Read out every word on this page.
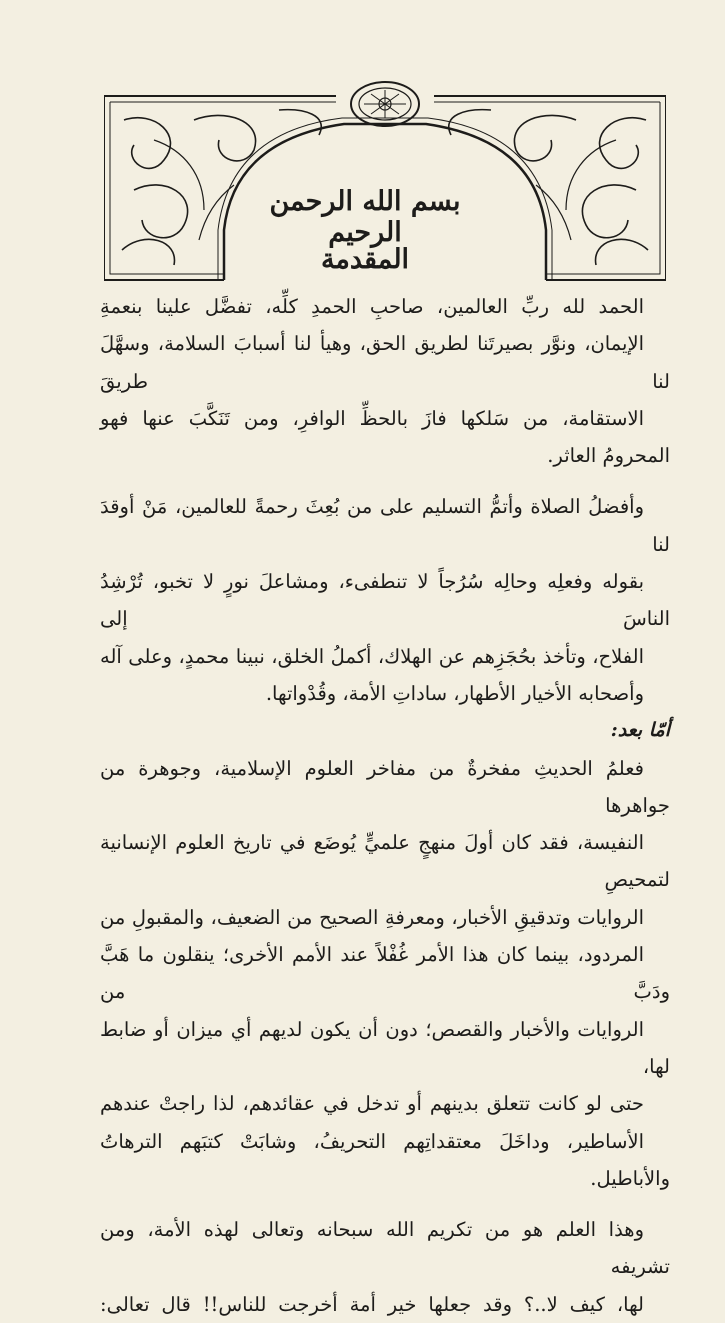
بسم الله الرحمن الرحيم
المقدمة

الحمد لله ربِّ العالمين، صاحبِ الحمدِ كلِّه، تفضَّل علينا بنعمةِ
الإيمان، ونوَّر بصيرتَنا لطريق الحق، وهيأ لنا أسبابَ السلامة، وسهَّلَ لنا طريقَ
الاستقامة، من سَلكها فازَ بالحظِّ الوافرِ، ومن تَنَكَّبَ عنها فهو المحرومُ العاثر.

وأفضلُ الصلاة وأتمُّ التسليم على من بُعِثَ رحمةً للعالمين، مَنْ أوقدَ لنا
بقوله وفعلِه وحالِه سُرُجاً لا تنطفىء، ومشاعلَ نورٍ لا تخبو، تُرْشِدُ الناسَ إلى
الفلاح، وتأخذ بحُجَزِهم عن الهلاك، أكملُ الخلق، نبينا محمدٍ، وعلى آله
وأصحابه الأخيار الأطهار، ساداتِ الأمة، وقُدْواتها.

أمّا بعد:

فعلمُ الحديثِ مفخرةٌ من مفاخر العلوم الإسلامية، وجوهرة من جواهرها
النفيسة، فقد كان أولَ منهجٍ علميٍّ يُوضَع في تاريخ العلوم الإنسانية لتمحيصِ
الروايات وتدقيقِ الأخبار، ومعرفةِ الصحيح من الضعيف، والمقبولِ من
المردود، بينما كان هذا الأمر غُفْلاً عند الأمم الأخرى؛ ينقلون ما هَبَّ ودَبَّ من
الروايات والأخبار والقصص؛ دون أن يكون لديهم أي ميزان أو ضابط لها،
حتى لو كانت تتعلق بدينهم أو تدخل في عقائدهم، لذا راجتْ عندهم
الأساطير، وداخَلَ معتقداتِهم التحريفُ، وشابَتْ كتبَهم الترهاتُ والأباطيل.

وهذا العلم هو من تكريم الله سبحانه وتعالى لهذه الأمة، ومن تشريفه
لها، كيف لا..؟ وقد جعلها خير أمة أخرجت للناس!! قال تعالى:
